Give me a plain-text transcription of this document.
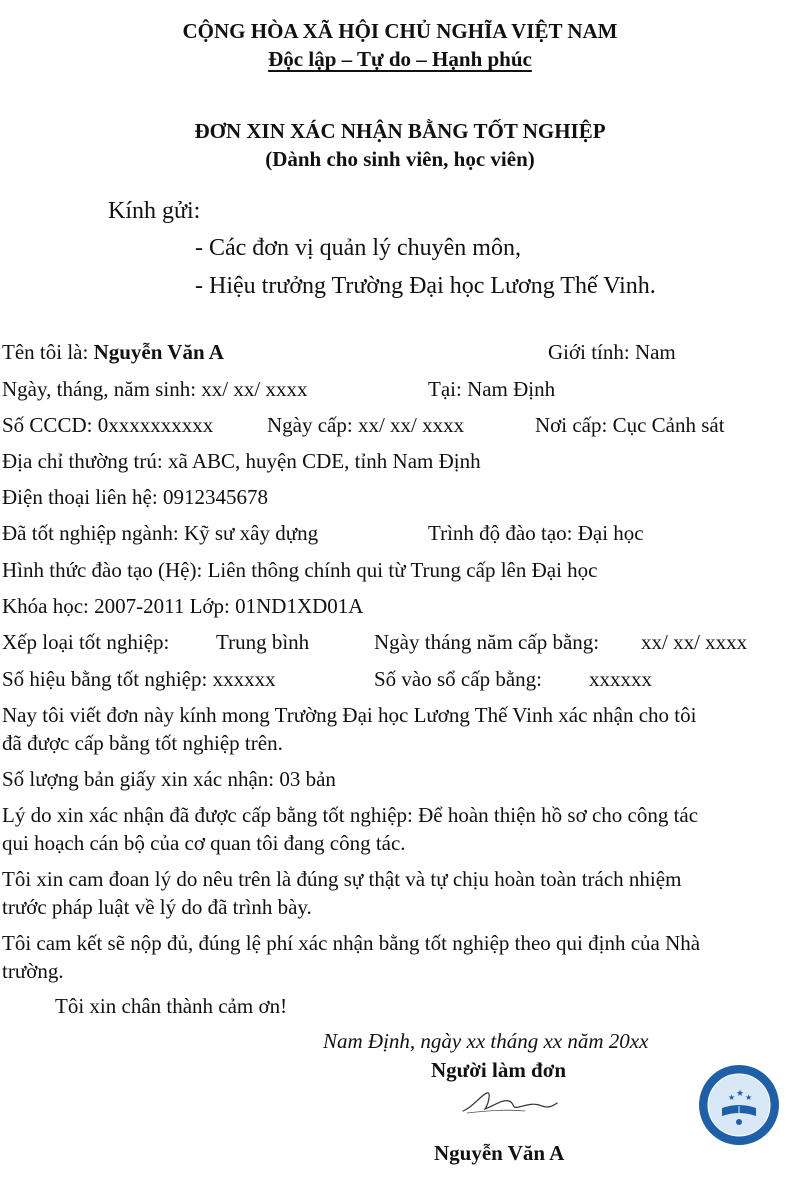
CỘNG HÒA XÃ HỘI CHỦ NGHĨA VIỆT NAM
Độc lập – Tự do – Hạnh phúc
ĐƠN XIN XÁC NHẬN BẰNG TỐT NGHIỆP
(Dành cho sinh viên, học viên)
Kính gửi:
- Các đơn vị quản lý chuyên môn,
- Hiệu trưởng Trường Đại học Lương Thế Vinh.
Tên tôi là: Nguyễn Văn A	Giới tính: Nam
Ngày, tháng, năm sinh: xx/ xx/ xxxx	Tại: Nam Định
Số CCCD: 0xxxxxxxxxx	Ngày cấp: xx/ xx/ xxxx	Nơi cấp: Cục Cảnh sát
Địa chỉ thường trú: xã ABC, huyện CDE, tỉnh Nam Định
Điện thoại liên hệ: 0912345678
Đã tốt nghiệp ngành: Kỹ sư xây dựng	Trình độ đào tạo: Đại học
Hình thức đào tạo (Hệ): Liên thông chính qui từ Trung cấp lên Đại học
Khóa học: 2007-2011 Lớp: 01ND1XD01A
Xếp loại tốt nghiệp: Trung bình	Ngày tháng năm cấp bằng: xx/ xx/ xxxx
Số hiệu bằng tốt nghiệp: xxxxxx	Số vào sổ cấp bằng: xxxxxx
Nay tôi viết đơn này kính mong Trường Đại học Lương Thế Vinh xác nhận cho tôi
đã được cấp bằng tốt nghiệp trên.
Số lượng bản giấy xin xác nhận: 03 bản
Lý do xin xác nhận đã được cấp bằng tốt nghiệp: Để hoàn thiện hồ sơ cho công tác
qui hoạch cán bộ của cơ quan tôi đang công tác.
Tôi xin cam đoan lý do nêu trên là đúng sự thật và tự chịu hoàn toàn trách nhiệm
trước pháp luật về lý do đã trình bày.
Tôi cam kết sẽ nộp đủ, đúng lệ phí xác nhận bằng tốt nghiệp theo qui định của Nhà
trường.
Tôi xin chân thành cảm ơn!
Nam Định, ngày xx tháng xx năm 20xx
Người làm đơn
Nguyễn Văn A
★ ★ ★
